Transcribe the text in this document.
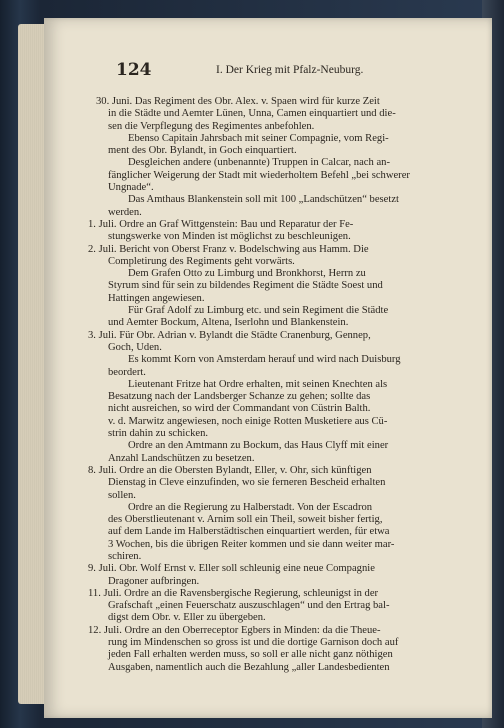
124	I. Der Krieg mit Pfalz-Neuburg.
30. Juni. Das Regiment des Obr. Alex. v. Spaen wird für kurze Zeit
in die Städte und Aemter Lünen, Unna, Camen einquartiert und die-
sen die Verpflegung des Regimentes anbefohlen.
Ebenso Capitain Jahrsbach mit seiner Compagnie, vom Regi-
ment des Obr. Bylandt, in Goch einquartiert.
Desgleichen andere (unbenannte) Truppen in Calcar, nach an-
fänglicher Weigerung der Stadt mit wiederholtem Befehl „bei schwerer
Ungnade“.
Das Amthaus Blankenstein soll mit 100 „Landschützen“ besetzt
werden.
1. Juli. Ordre an Graf Wittgenstein: Bau und Reparatur der Fe-
stungswerke von Minden ist möglichst zu beschleunigen.
2. Juli. Bericht von Oberst Franz v. Bodelschwing aus Hamm. Die
Completirung des Regiments geht vorwärts.
Dem Grafen Otto zu Limburg und Bronkhorst, Herrn zu
Styrum sind für sein zu bildendes Regiment die Städte Soest und
Hattingen angewiesen.
Für Graf Adolf zu Limburg etc. und sein Regiment die Städte
und Aemter Bockum, Altena, Iserlohn und Blankenstein.
3. Juli. Für Obr. Adrian v. Bylandt die Städte Cranenburg, Gennep,
Goch, Uden.
Es kommt Korn von Amsterdam herauf und wird nach Duisburg
beordert.
Lieutenant Fritze hat Ordre erhalten, mit seinen Knechten als
Besatzung nach der Landsberger Schanze zu gehen; sollte das
nicht ausreichen, so wird der Commandant von Cüstrin Balth.
v. d. Marwitz angewiesen, noch einige Rotten Musketiere aus Cü-
strin dahin zu schicken.
Ordre an den Amtmann zu Bockum, das Haus Clyff mit einer
Anzahl Landschützen zu besetzen.
8. Juli. Ordre an die Obersten Bylandt, Eller, v. Ohr, sich künftigen
Dienstag in Cleve einzufinden, wo sie ferneren Bescheid erhalten
sollen.
Ordre an die Regierung zu Halberstadt. Von der Escadron
des Oberstlieutenant v. Arnim soll ein Theil, soweit bisher fertig,
auf dem Lande im Halberstädtischen einquartiert werden, für etwa
3 Wochen, bis die übrigen Reiter kommen und sie dann weiter mar-
schiren.
9. Juli. Obr. Wolf Ernst v. Eller soll schleunig eine neue Compagnie
Dragoner aufbringen.
11. Juli. Ordre an die Ravensbergische Regierung, schleunigst in der
Grafschaft „einen Feuerschatz auszuschlagen“ und den Ertrag bal-
digst dem Obr. v. Eller zu übergeben.
12. Juli. Ordre an den Oberreceptor Egbers in Minden: da die Theue-
rung im Mindenschen so gross ist und die dortige Garnison doch auf
jeden Fall erhalten werden muss, so soll er alle nicht ganz nöthigen
Ausgaben, namentlich auch die Bezahlung „aller Landesbedienten
